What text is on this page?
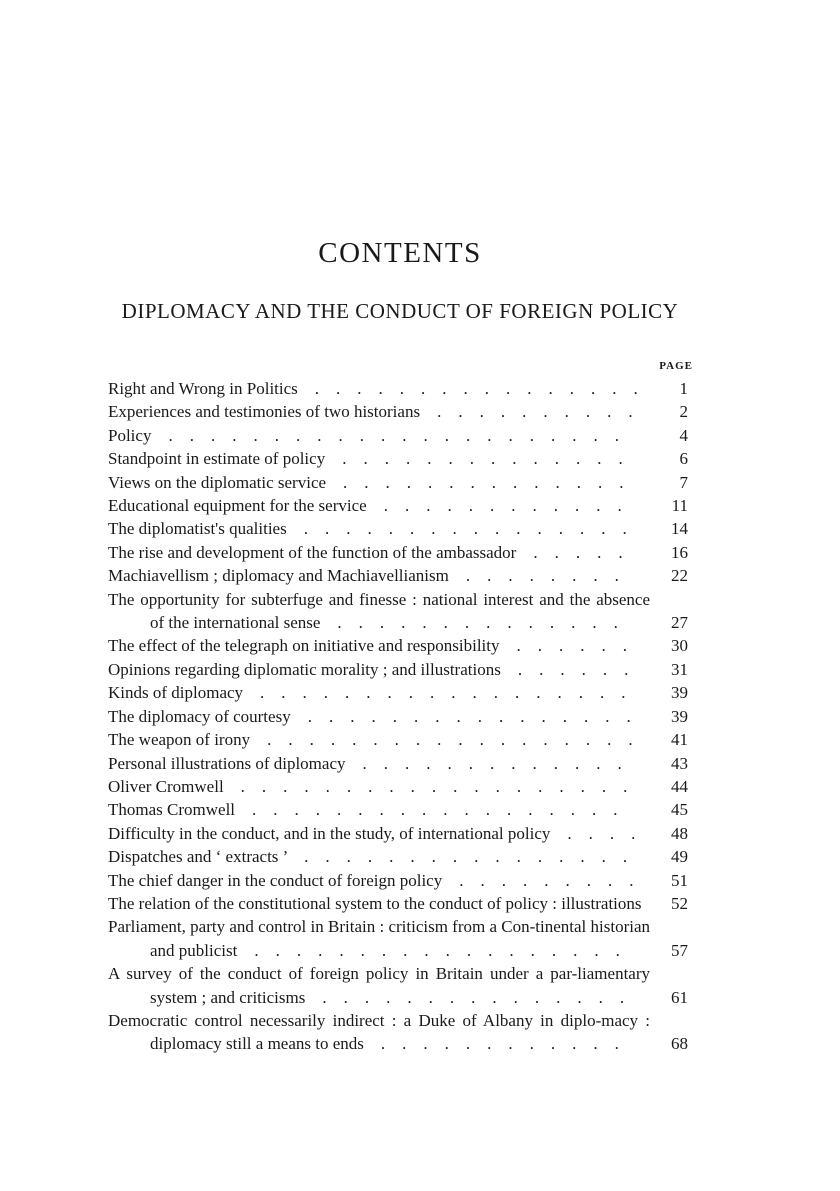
CONTENTS
DIPLOMACY AND THE CONDUCT OF FOREIGN POLICY
PAGE
Right and Wrong in Politics    .    .    .    .    .    .    .    .    .    .    .    .    .    .    .    .	1
Experiences and testimonies of two historians    .    .    .    .    .    .    .    .    .    .	2
Policy    .    .    .    .    .    .    .    .    .    .    .    .    .    .    .    .    .    .    .    .    .    .	4
Standpoint in estimate of policy    .    .    .    .    .    .    .    .    .    .    .    .    .    .	6
Views on the diplomatic service    .    .    .    .    .    .    .    .    .    .    .    .    .    .	7
Educational equipment for the service    .    .    .    .    .    .    .    .    .    .    .    .	11
The diplomatist's qualities    .    .    .    .    .    .    .    .    .    .    .    .    .    .    .    .	14
The rise and development of the function of the ambassador    .    .    .    .    .	16
Machiavellism ; diplomacy and Machiavellianism    .    .    .    .    .    .    .    .	22
The opportunity for subterfuge and finesse : national interest and the absence of the international sense    .    .    .    .    .    .    .    .    .    .    .    .    .    .	27
The effect of the telegraph on initiative and responsibility    .    .    .    .    .    .	30
Opinions regarding diplomatic morality ; and illustrations    .    .    .    .    .    .	31
Kinds of diplomacy    .    .    .    .    .    .    .    .    .    .    .    .    .    .    .    .    .    .	39
The diplomacy of courtesy    .    .    .    .    .    .    .    .    .    .    .    .    .    .    .    .	39
The weapon of irony    .    .    .    .    .    .    .    .    .    .    .    .    .    .    .    .    .    .	41
Personal illustrations of diplomacy    .    .    .    .    .    .    .    .    .    .    .    .    .	43
Oliver Cromwell    .    .    .    .    .    .    .    .    .    .    .    .    .    .    .    .    .    .    .	44
Thomas Cromwell    .    .    .    .    .    .    .    .    .    .    .    .    .    .    .    .    .    .	45
Difficulty in the conduct, and in the study, of international policy    .    .    .    .	48
Dispatches and ‘ extracts ’    .    .    .    .    .    .    .    .    .    .    .    .    .    .    .    .	49
The chief danger in the conduct of foreign policy    .    .    .    .    .    .    .    .    .	51
The relation of the constitutional system to the conduct of policy : illustrations	52
Parliament, party and control in Britain : criticism from a Con-tinental historian and publicist    .    .    .    .    .    .    .    .    .    .    .    .    .    .    .    .    .    .	57
A survey of the conduct of foreign policy in Britain under a par-liamentary system ; and criticisms    .    .    .    .    .    .    .    .    .    .    .    .    .    .    .	61
Democratic control necessarily indirect : a Duke of Albany in diplo-macy : diplomacy still a means to ends    .    .    .    .    .    .    .    .    .    .    .    .	68
